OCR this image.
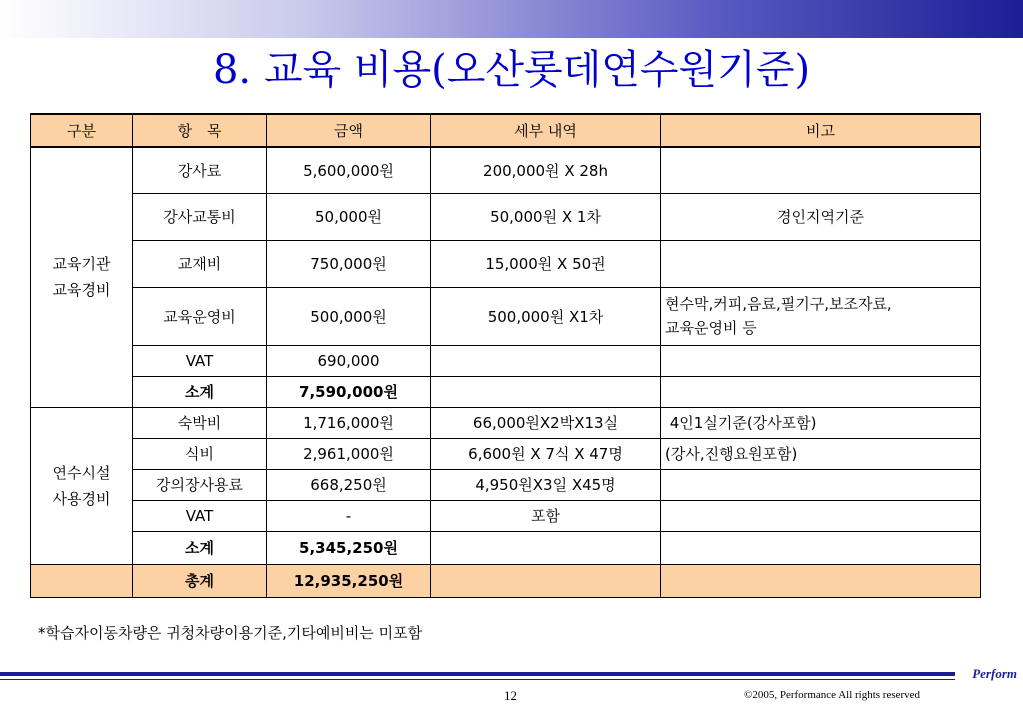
8. 교육 비용(오산롯데연수원기준)
구분	항　목	금액	세부 내역	비고

교육기관
교육경비	강사료	5,600,000원	200,000원 X 28h	
	강사교통비	50,000원	50,000원 X 1차	경인지역기준
	교재비	750,000원	15,000원 X 50권	
	교육운영비	500,000원	500,000원 X1차	현수막,커피,음료,필기구,보조자료,
교육운영비 등

	VAT	690,000		
	소계	7,590,000원		

연수시설
사용경비	숙박비	1,716,000원	66,000원X2박X13실	4인1실기준(강사포함)
	식비	2,961,000원	6,600원 X 7식 X 47명	(강사,진행요원포함)
	강의장사용료	668,250원	4,950원X3일 X45명	
	VAT	-	포함	
	소계	5,345,250원		
	총계	12,935,250원		
*학습자이동차량은 귀청차량이용기준,기타예비비는 미포함
Perform
12	©2005, Performance All rights reserved
